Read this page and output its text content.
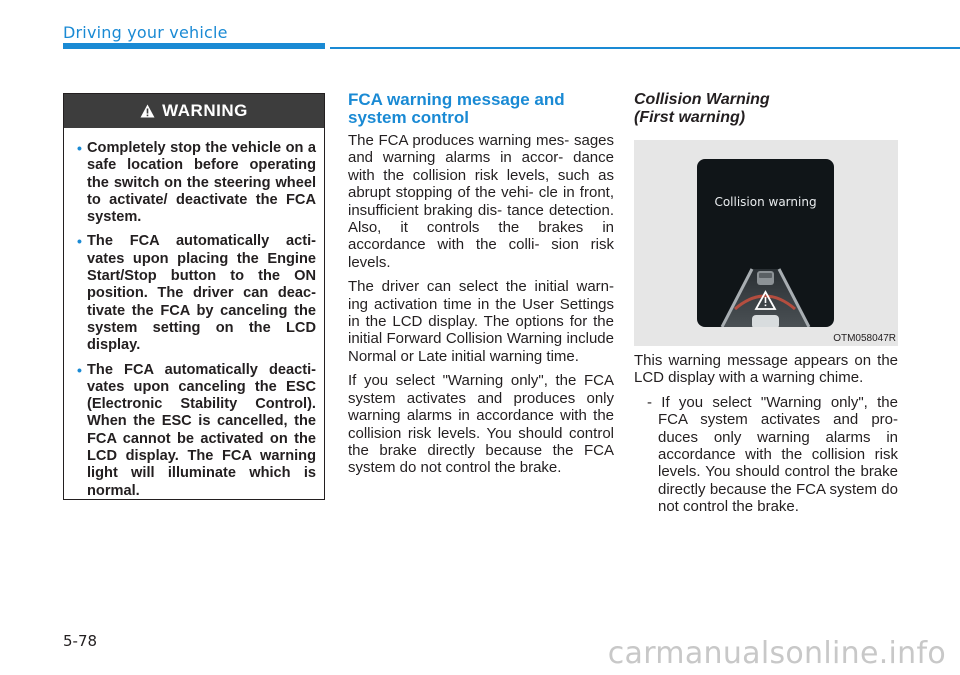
Driving your vehicle
WARNING
• Completely stop the vehicle on a safe location before operating the switch on the steering wheel to activate/ deactivate the FCA system.
• The FCA automatically acti- vates upon placing the Engine Start/Stop button to the ON position. The driver can deac- tivate the FCA by canceling the system setting on the LCD display.
• The FCA automatically deacti- vates upon canceling the ESC (Electronic Stability Control). When the ESC is cancelled, the FCA cannot be activated on the LCD display. The FCA warning light will illuminate which is normal.
FCA warning message and system control

The FCA produces warning mes- sages and warning alarms in accor- dance with the collision risk levels, such as abrupt stopping of the vehi- cle in front, insufficient braking dis- tance detection. Also, it controls the brakes in accordance with the colli- sion risk levels.

The driver can select the initial warn- ing activation time in the User Settings in the LCD display. The options for the initial Forward Collision Warning include Normal or Late initial warning time.

If you select "Warning only", the FCA system activates and produces only warning alarms in accordance with the collision risk levels. You should control the brake directly because the FCA system do not control the brake.

Collision Warning
(First warning)
Collision warning
OTM058047R

This warning message appears on the LCD display with a warning chime.

- If you select "Warning only", the FCA system activates and pro- duces only warning alarms in accordance with the collision risk levels. You should control the brake directly because the FCA system do not control the brake.

5-78	carmanualsonline.info
